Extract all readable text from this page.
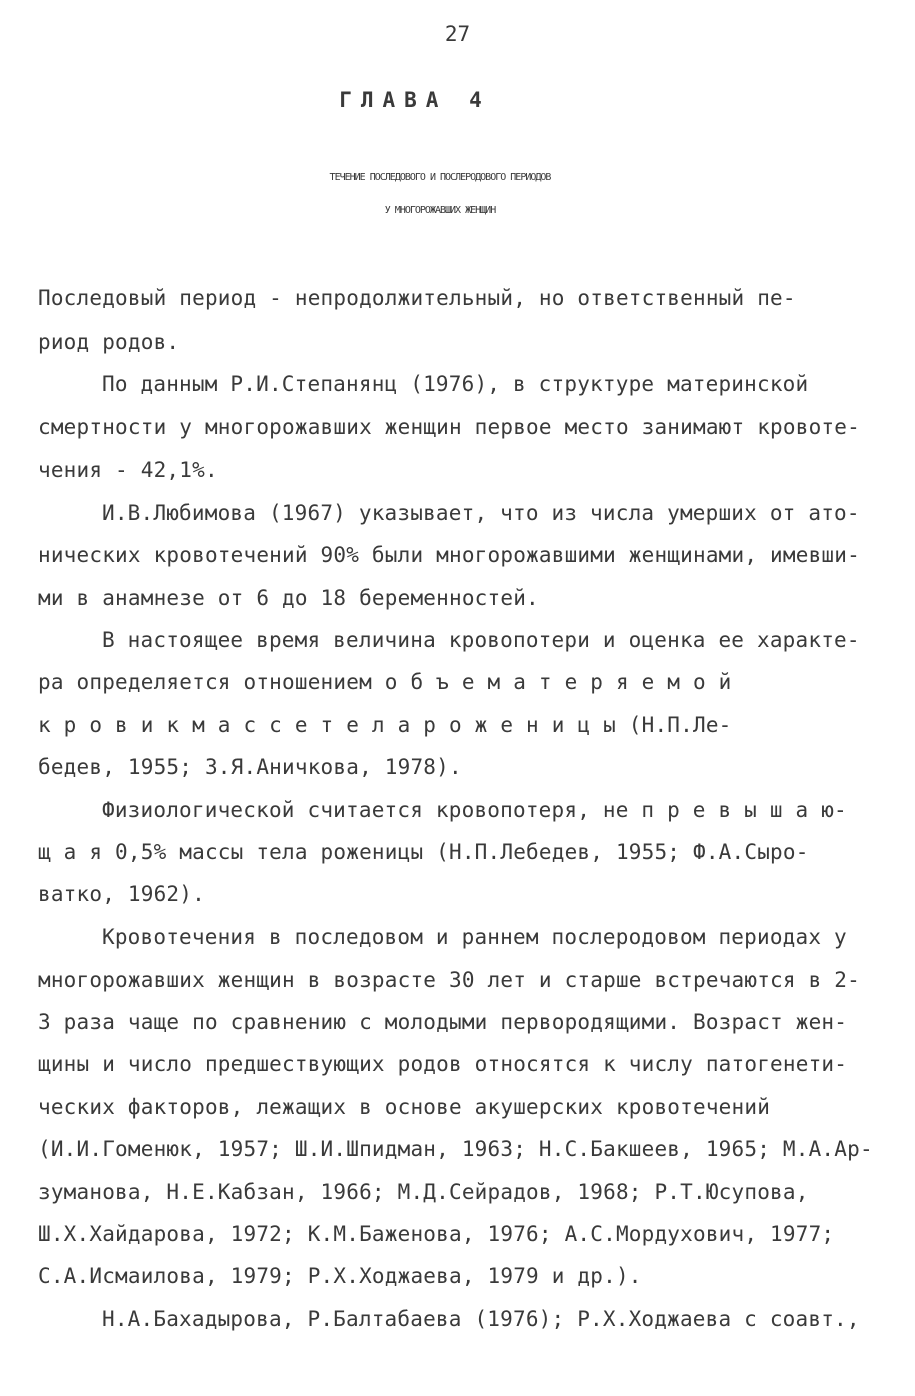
27
ГЛАВА 4
ТЕЧЕНИЕ ПОСЛЕДОВОГО И ПОСЛЕРОДОВОГО ПЕРИОДОВ
У МНОГОРОЖАВШИХ ЖЕНЩИН
Последовый период - непродолжительный, но ответственный пе-
риод родов.
По данным Р.И.Степанянц (1976), в структуре материнской
смертности у многорожавших женщин первое место занимают кровоте-
чения - 42,1%.
И.В.Любимова (1967) указывает, что из числа умерших от ато-
нических кровотечений 90% были многорожавшими женщинами, имевши-
ми в анамнезе от 6 до 18 беременностей.
В настоящее время величина кровопотери и оценка ее характе-
ра определяется отношением о б ъ е м а т е р я е м о й
к р о в и к м а с с е т е л а р о ж е н и ц ы (Н.П.Ле-
бедев, 1955; З.Я.Аничкова, 1978).
Физиологической считается кровопотеря, не п р е в ы ш а ю-
щ а я 0,5% массы тела роженицы (Н.П.Лебедев, 1955; Ф.А.Сыро-
ватко, 1962).
Кровотечения в последовом и раннем послеродовом периодах у
многорожавших женщин в возрасте 30 лет и старше встречаются в 2-
3 раза чаще по сравнению с молодыми первородящими. Возраст жен-
щины и число предшествующих родов относятся к числу патогенети-
ческих факторов, лежащих в основе акушерских кровотечений
(И.И.Гоменюк, 1957; Ш.И.Шпидман, 1963; Н.С.Бакшеев, 1965; М.А.Ар-
зуманова, Н.Е.Кабзан, 1966; М.Д.Сейрадов, 1968; Р.Т.Юсупова,
Ш.Х.Хайдарова, 1972; К.М.Баженова, 1976; А.С.Мордухович, 1977;
С.А.Исмаилова, 1979; Р.Х.Ходжаева, 1979 и др.).
Н.А.Бахадырова, Р.Балтабаева (1976); Р.Х.Ходжаева с соавт.,
